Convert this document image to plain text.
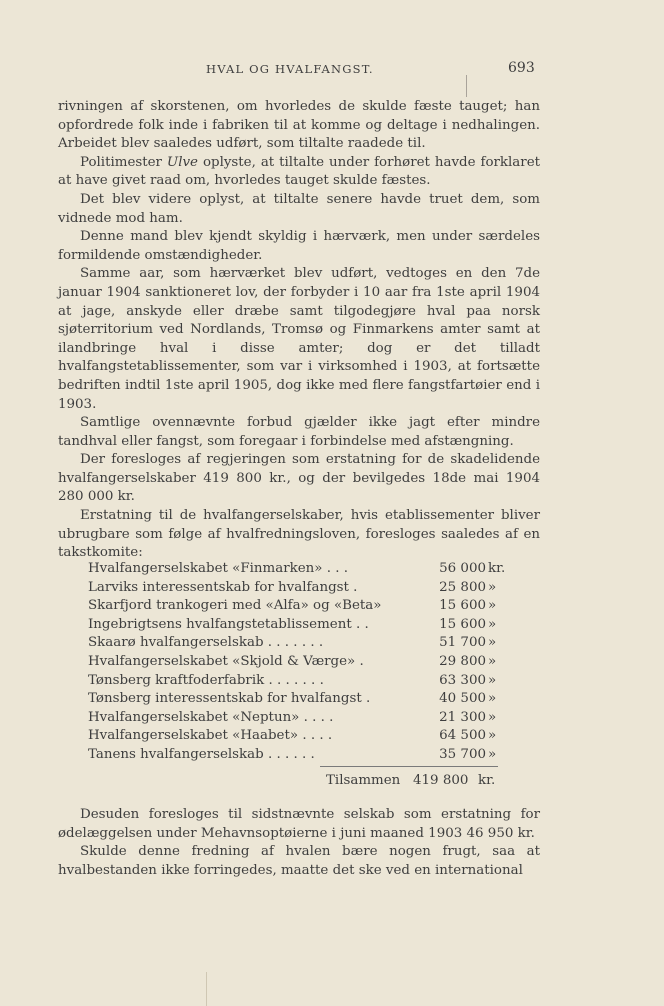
HVAL OG HVALFANGST.	693

rivningen af skorstenen, om hvorledes de skulde fæste tauget; han opfordrede folk inde i fabriken til at komme og deltage i nedhalingen. Arbeidet blev saaledes udført, som tiltalte raadede til.

Politimester Ulve oplyste, at tiltalte under forhøret havde forklaret at have givet raad om, hvorledes tauget skulde fæstes.

Det blev videre oplyst, at tiltalte senere havde truet dem, som vidnede mod ham.

Denne mand blev kjendt skyldig i hærværk, men under særdeles formildende omstændigheder.

Samme aar, som hærværket blev udført, vedtoges en den 7de januar 1904 sanktioneret lov, der forbyder i 10 aar fra 1ste april 1904 at jage, anskyde eller dræbe samt tilgodegjøre hval paa norsk sjøterritorium ved Nordlands, Tromsø og Finmarkens amter samt at ilandbringe hval i disse amter; dog er det tilladt hvalfangstetablissementer, som var i virksomhed i 1903, at fortsætte bedriften indtil 1ste april 1905, dog ikke med flere fangstfartøier end i 1903.

Samtlige ovennævnte forbud gjælder ikke jagt efter mindre tandhval eller fangst, som foregaar i forbindelse med afstængning.

Der foresloges af regjeringen som erstatning for de skadelidende hvalfangerselskaber 419 800 kr., og der bevilgedes 18de mai 1904 280 000 kr.

Erstatning til de hvalfangerselskaber, hvis etablissementer bliver ubrugbare som følge af hvalfredningsloven, foresloges saaledes af en takstkomite:

Hvalfangerselskabet «Finmarken» . . .	56 000 kr.
Larviks interessentskab for hvalfangst .	25 800 »
Skarfjord trankogeri med «Alfa» og «Beta»	15 600 »
Ingebrigtsens hvalfangstetablissement . .	15 600 »
Skaarø hvalfangerselskab . . . . . . .	51 700 »
Hvalfangerselskabet «Skjold & Værge» .	29 800 »
Tønsberg kraftfoderfabrik . . . . . . .	63 300 »
Tønsberg interessentskab for hvalfangst .	40 500 »
Hvalfangerselskabet «Neptun» . . . .	21 300 »
Hvalfangerselskabet «Haabet» . . . .	64 500 »
Tanens hvalfangerselskab . . . . . .	35 700 »
Tilsammen 419 800 kr.

Desuden foresloges til sidstnævnte selskab som erstatning for ødelæggelsen under Mehavnsoptøierne i juni maaned 1903 46 950 kr.

Skulde denne fredning af hvalen bære nogen frugt, saa at hvalbestanden ikke forringedes, maatte det ske ved en international
